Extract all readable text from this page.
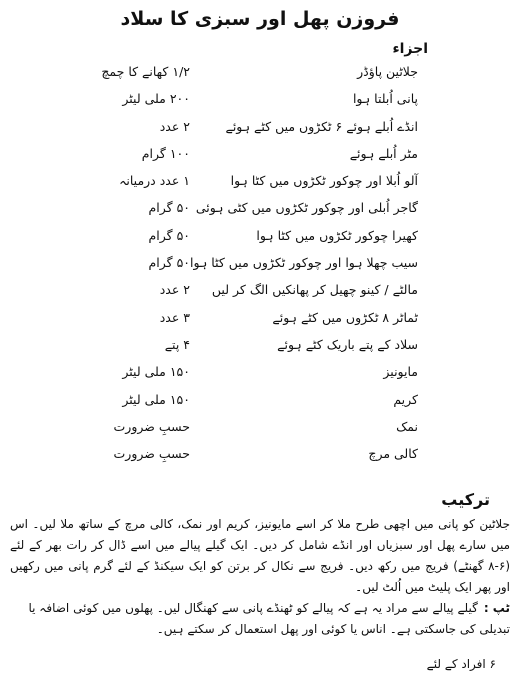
فروزن پھل اور سبزی کا سلاد
اجزاء
جلاٹین پاؤڈر
۱/۲ کھانے کا چمچ
پانی اُبلتا ہوا
۲۰۰ ملی لیٹر
انڈے اُبلے ہوئے ۶ ٹکڑوں میں کٹے ہوئے
۲ عدد
مٹر اُبلے ہوئے
۱۰۰ گرام
آلو اُبلا اور چوکور ٹکڑوں میں کٹا ہوا
۱ عدد درمیانہ
گاجر اُبلی اور چوکور ٹکڑوں میں کٹی ہوئی
۵۰ گرام
کھیرا چوکور ٹکڑوں میں کٹا ہوا
۵۰ گرام
سیب چھلا ہوا اور چوکور ٹکڑوں میں کٹا ہوا
۵۰ گرام
مالٹے / کینو چھیل کر پھانکیں الگ کر لیں
۲ عدد
ٹماٹر ۸ ٹکڑوں میں کٹے ہوئے
۳ عدد
سلاد کے پتے باریک کٹے ہوئے
۴ پتے
مایونیز
۱۵۰ ملی لیٹر
کریم
۱۵۰ ملی لیٹر
نمک
حسبِ ضرورت
کالی مرچ
حسبِ ضرورت
ترکیب

جلاٹین کو پانی میں اچھی طرح ملا کر اسے مایونیز، کریم اور نمک، کالی مرچ کے ساتھ ملا لیں۔ اس میں سارے پھل اور سبزیاں اور انڈے شامل کر دیں۔ ایک گیلے پیالے میں اسے ڈال کر رات بھر کے لئے (۶-۸ گھنٹے) فریج میں رکھ دیں۔ فریج سے نکال کر برتن کو ایک سیکنڈ کے لئے گرم پانی میں رکھیں اور پھر ایک پلیٹ میں اُلٹ لیں۔

ٹپ :گیلے پیالے سے مراد یہ ہے کہ پیالے کو ٹھنڈے پانی سے کھنگال لیں۔ پھلوں میں کوئی اضافہ یا تبدیلی کی جاسکتی ہے۔ اناس یا کوئی اور پھل استعمال کر سکتے ہیں۔
۶ افراد کے لئے
